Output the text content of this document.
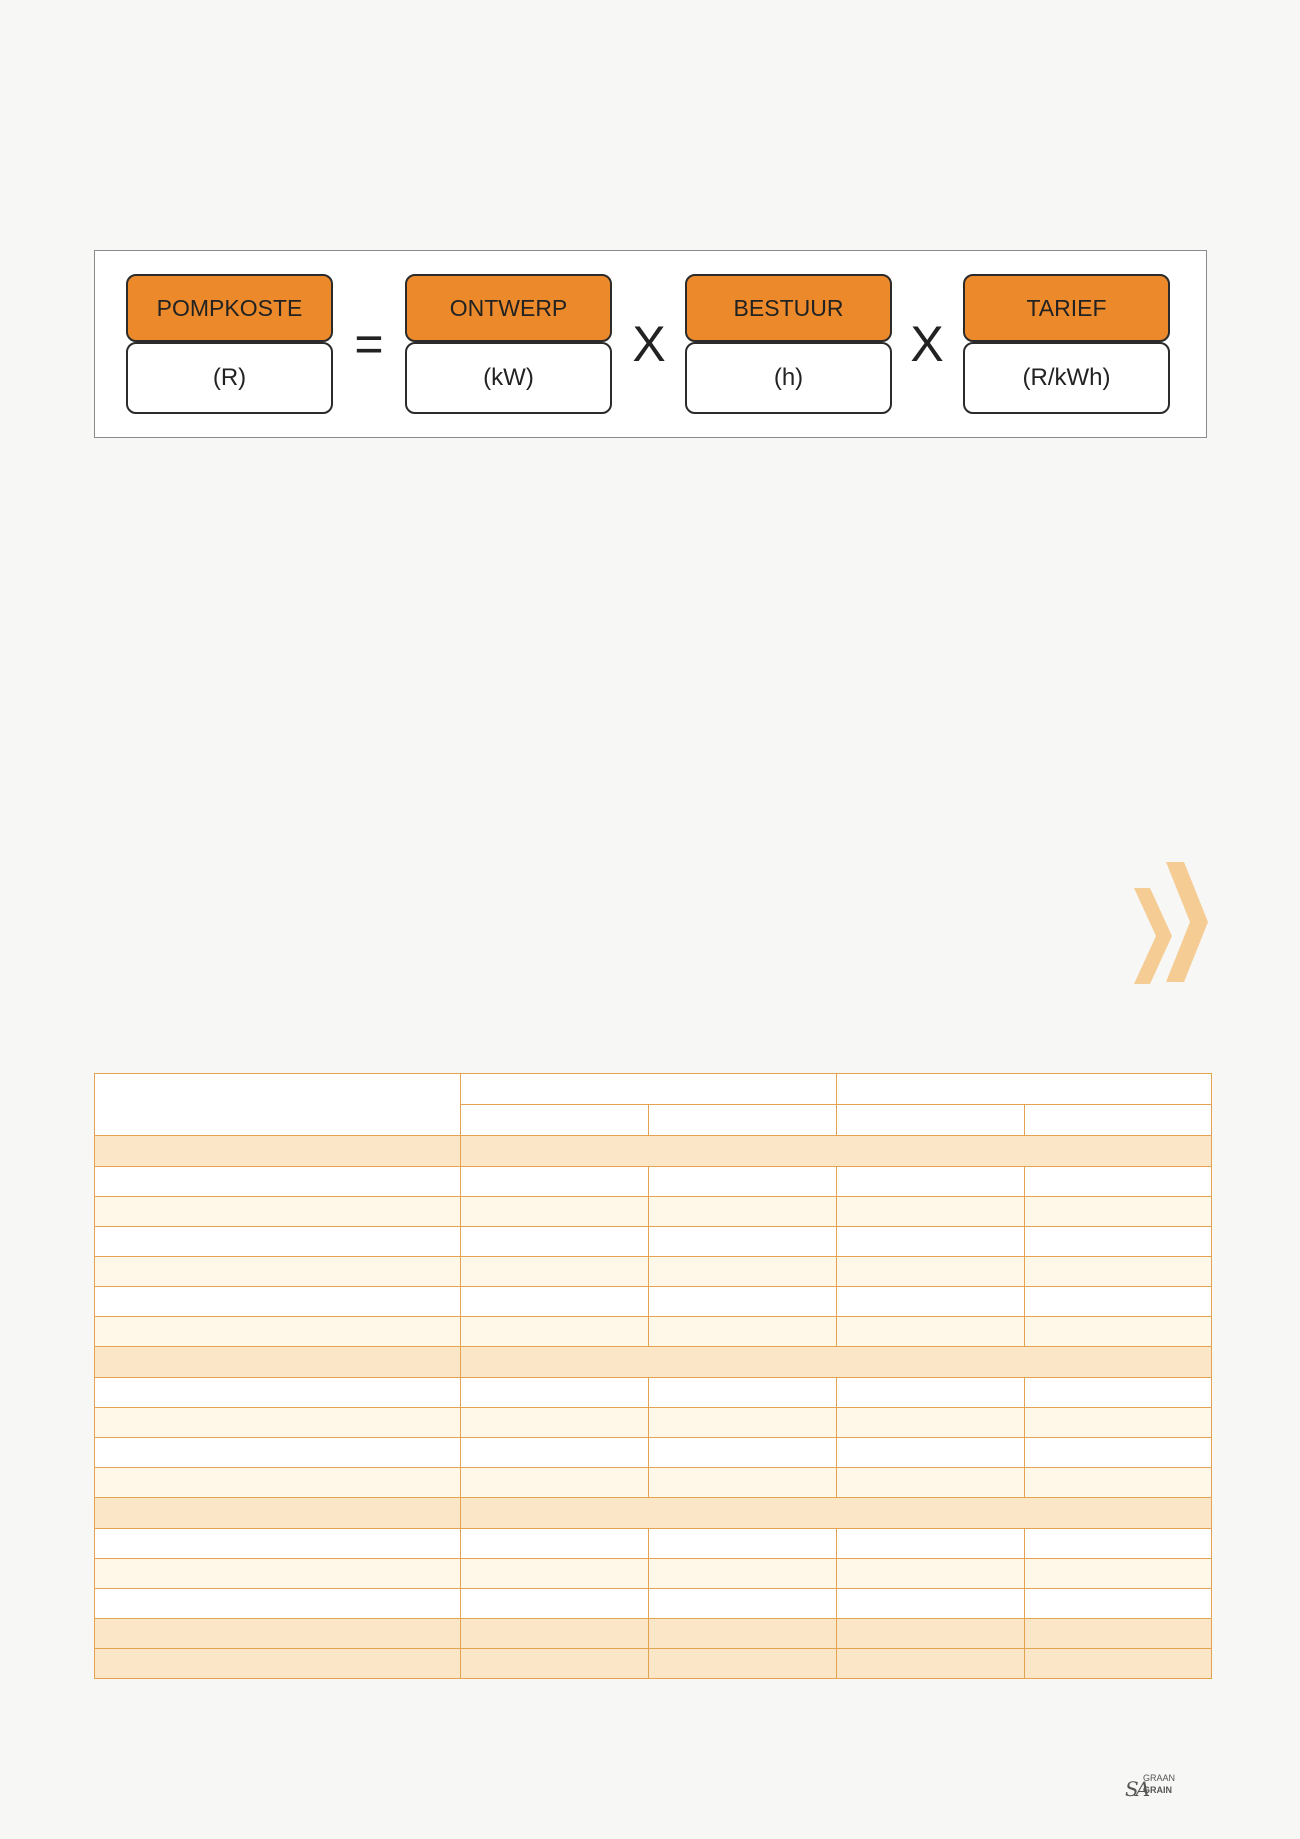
POMPKOSTE
(R)
=
ONTWERP
(kW)
X
BESTUUR
(h)
X
TARIEF
(R/kWh)

SA
GRAAN
GRAIN
